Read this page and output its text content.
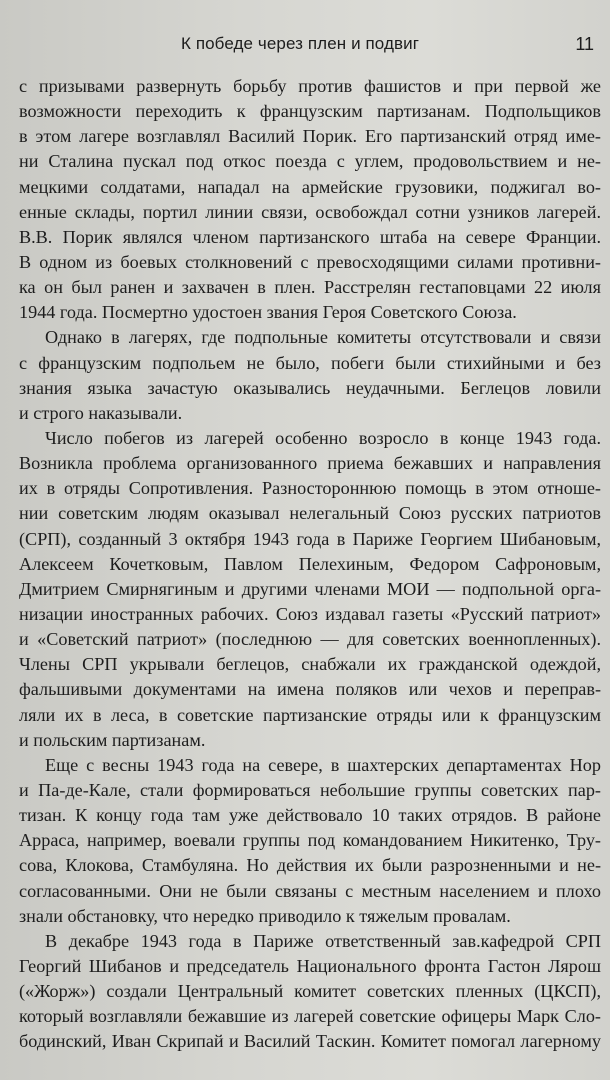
К победе через плен и подвиг	11
с призывами развернуть борьбу против фашистов и при первой же
возможности переходить к французским партизанам. Подпольщиков
в этом лагере возглавлял Василий Порик. Его партизанский отряд име-
ни Сталина пускал под откос поезда с углем, продовольствием и не-
мецкими солдатами, нападал на армейские грузовики, поджигал во-
енные склады, портил линии связи, освобождал сотни узников лагерей.
В.В. Порик являлся членом партизанского штаба на севере Франции.
В одном из боевых столкновений с превосходящими силами противни-
ка он был ранен и захвачен в плен. Расстрелян гестаповцами 22 июля
1944 года. Посмертно удостоен звания Героя Советского Союза.
Однако в лагерях, где подпольные комитеты отсутствовали и связи
с французским подпольем не было, побеги были стихийными и без
знания языка зачастую оказывались неудачными. Беглецов ловили
и строго наказывали.
Число побегов из лагерей особенно возросло в конце 1943 года.
Возникла проблема организованного приема бежавших и направления
их в отряды Сопротивления. Разностороннюю помощь в этом отноше-
нии советским людям оказывал нелегальный Союз русских патриотов
(СРП), созданный 3 октября 1943 года в Париже Георгием Шибановым,
Алексеем Кочетковым, Павлом Пелехиным, Федором Сафроновым,
Дмитрием Смирнягиным и другими членами МОИ — подпольной орга-
низации иностранных рабочих. Союз издавал газеты «Русский патриот»
и «Советский патриот» (последнюю — для советских военнопленных).
Члены СРП укрывали беглецов, снабжали их гражданской одеждой,
фальшивыми документами на имена поляков или чехов и переправ-
ляли их в леса, в советские партизанские отряды или к французским
и польским партизанам.
Еще с весны 1943 года на севере, в шахтерских департаментах Нор
и Па-де-Кале, стали формироваться небольшие группы советских пар-
тизан. К концу года там уже действовало 10 таких отрядов. В районе
Арраса, например, воевали группы под командованием Никитенко, Тру-
сова, Клокова, Стамбуляна. Но действия их были разрозненными и не-
согласованными. Они не были связаны с местным населением и плохо
знали обстановку, что нередко приводило к тяжелым провалам.
В декабре 1943 года в Париже ответственный зав.кафедрой СРП
Георгий Шибанов и председатель Национального фронта Гастон Лярош
(«Жорж») создали Центральный комитет советских пленных (ЦКСП),
который возглавляли бежавшие из лагерей советские офицеры Марк Сло-
бодинский, Иван Скрипай и Василий Таскин. Комитет помогал лагерному
